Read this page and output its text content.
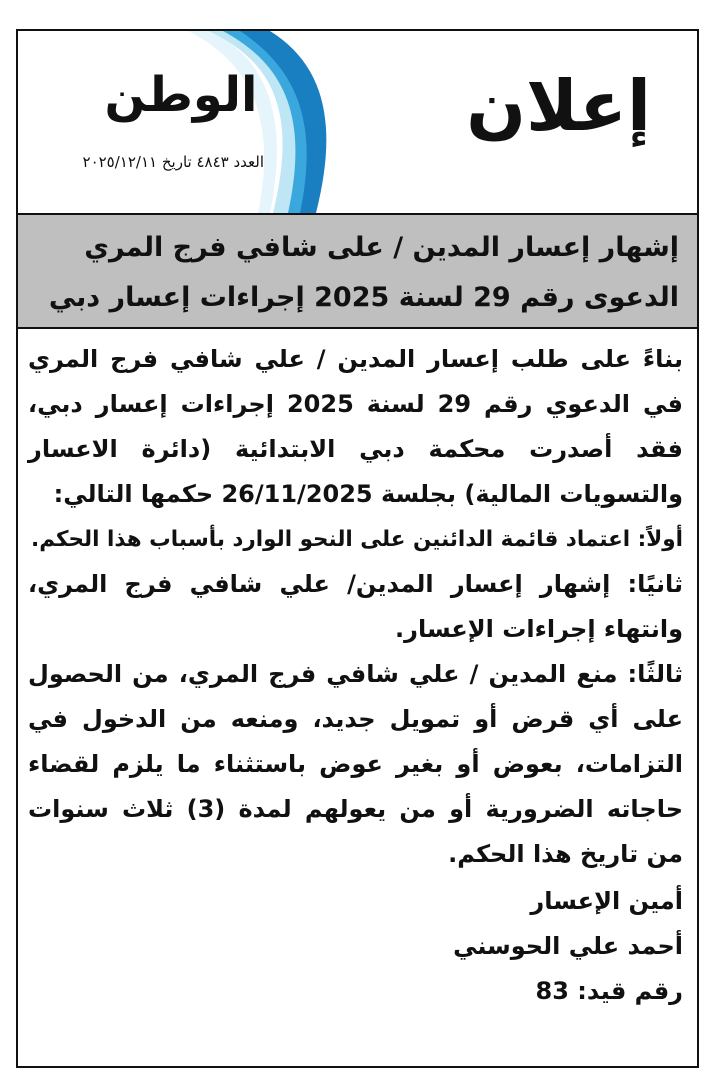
الوطن
العدد ٤٨٤٣ تاريخ ٢٠٢٥/١٢/١١
إعلان
إشهار إعسار المدين / على شافي فرج المري
الدعوى رقم 29 لسنة 2025 إجراءات إعسار دبي

بناءً على طلب إعسار المدين / علي شافي فرج المري في الدعوي رقم 29 لسنة 2025 إجراءات إعسار دبي، فقد أصدرت محكمة دبي الابتدائية (دائرة الاعسار والتسويات المالية) بجلسة 26/11/2025 حكمها التالي:

أولاً: اعتماد قائمة الدائنين على النحو الوارد بأسباب هذا الحكم.

ثانيًا: إشهار إعسار المدين/ علي شافي فرج المري، وانتهاء إجراءات الإعسار.

ثالثًا: منع المدين / علي شافي فرج المري، من الحصول على أي قرض أو تمويل جديد، ومنعه من الدخول في التزامات، بعوض أو بغير عوض باستثناء ما يلزم لقضاء حاجاته الضرورية أو من يعولهم لمدة (3) ثلاث سنوات من تاريخ هذا الحكم.

أمين الإعسار

أحمد علي الحوسني

رقم قيد: 83
